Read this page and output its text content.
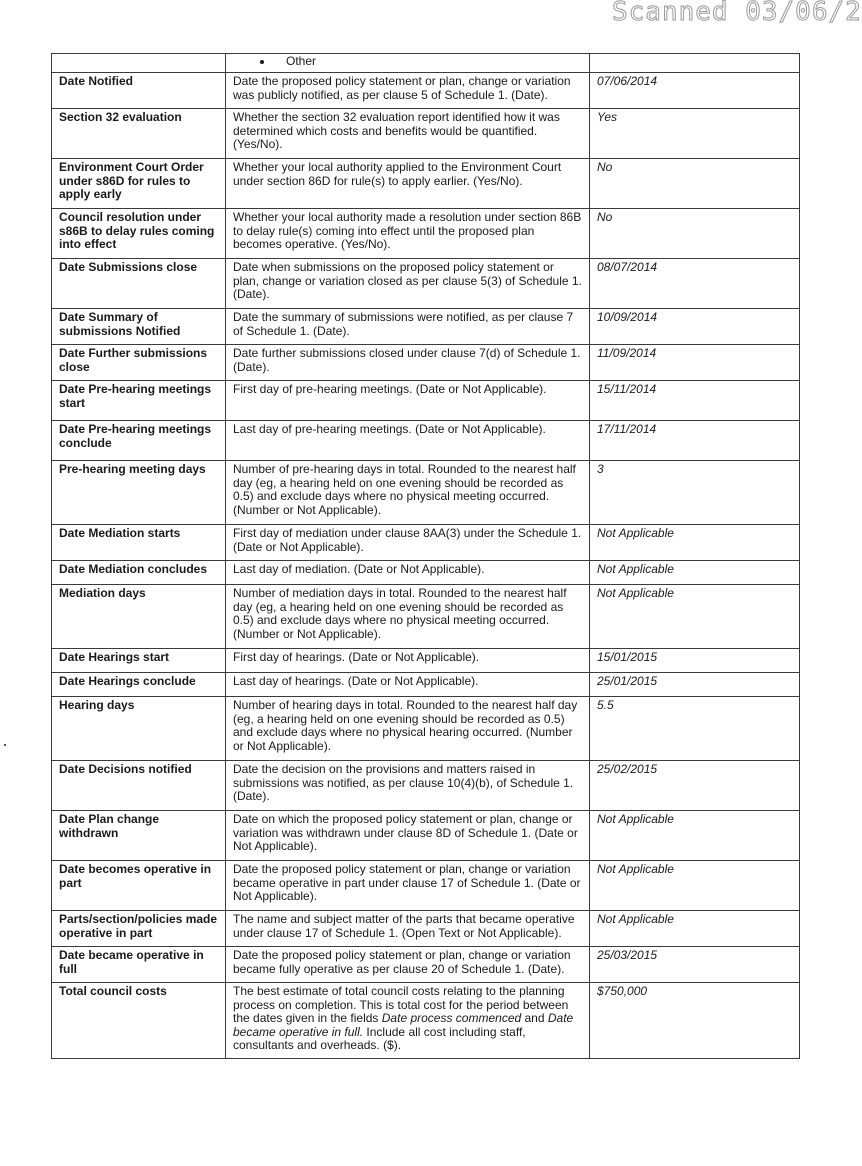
Scanned 03/06/2
	Other	
Date Notified	Date the proposed policy statement or plan, change or variation was publicly notified, as per clause 5 of Schedule 1. (Date).	07/06/2014
Section 32 evaluation	Whether the section 32 evaluation report identified how it was determined which costs and benefits would be quantified. (Yes/No).	Yes
Environment Court Order under s86D for rules to apply early	Whether your local authority applied to the Environment Court under section 86D for rule(s) to apply earlier. (Yes/No).	No
Council resolution under s86B to delay rules coming into effect	Whether your local authority made a resolution under section 86B to delay rule(s) coming into effect until the proposed plan becomes operative. (Yes/No).	No
Date Submissions close	Date when submissions on the proposed policy statement or plan, change or variation closed as per clause 5(3) of Schedule 1. (Date).	08/07/2014
Date Summary of submissions Notified	Date the summary of submissions were notified, as per clause 7 of Schedule 1. (Date).	10/09/2014
Date Further submissions close	Date further submissions closed under clause 7(d) of Schedule 1. (Date).	11/09/2014
Date Pre-hearing meetings start	First day of pre-hearing meetings. (Date or Not Applicable).	15/11/2014
Date Pre-hearing meetings conclude	Last day of pre-hearing meetings. (Date or Not Applicable).	17/11/2014
Pre-hearing meeting days	Number of pre-hearing days in total. Rounded to the nearest half day (eg, a hearing held on one evening should be recorded as 0.5) and exclude days where no physical meeting occurred. (Number or Not Applicable).	3
Date Mediation starts	First day of mediation under clause 8AA(3) under the Schedule 1. (Date or Not Applicable).	Not Applicable
Date Mediation concludes	Last day of mediation. (Date or Not Applicable).	Not Applicable
Mediation days	Number of mediation days in total. Rounded to the nearest half day (eg, a hearing held on one evening should be recorded as 0.5) and exclude days where no physical meeting occurred. (Number or Not Applicable).	Not Applicable
Date Hearings start	First day of hearings. (Date or Not Applicable).	15/01/2015
Date Hearings conclude	Last day of hearings. (Date or Not Applicable).	25/01/2015
Hearing days	Number of hearing days in total. Rounded to the nearest half day (eg, a hearing held on one evening should be recorded as 0.5) and exclude days where no physical hearing occurred. (Number or Not Applicable).	5.5
Date Decisions notified	Date the decision on the provisions and matters raised in submissions was notified, as per clause 10(4)(b), of Schedule 1. (Date).	25/02/2015
Date Plan change withdrawn	Date on which the proposed policy statement or plan, change or variation was withdrawn under clause 8D of Schedule 1. (Date or Not Applicable).	Not Applicable
Date becomes operative in part	Date the proposed policy statement or plan, change or variation became operative in part under clause 17 of Schedule 1. (Date or Not Applicable).	Not Applicable
Parts/section/policies made operative in part	The name and subject matter of the parts that became operative under clause 17 of Schedule 1. (Open Text or Not Applicable).	Not Applicable
Date became operative in full	Date the proposed policy statement or plan, change or variation became fully operative as per clause 20 of Schedule 1. (Date).	25/03/2015
Total council costs	The best estimate of total council costs relating to the planning process on completion. This is total cost for the period between the dates given in the fields Date process commenced and Date became operative in full. Include all cost including staff, consultants and overheads. ($).	$750,000
